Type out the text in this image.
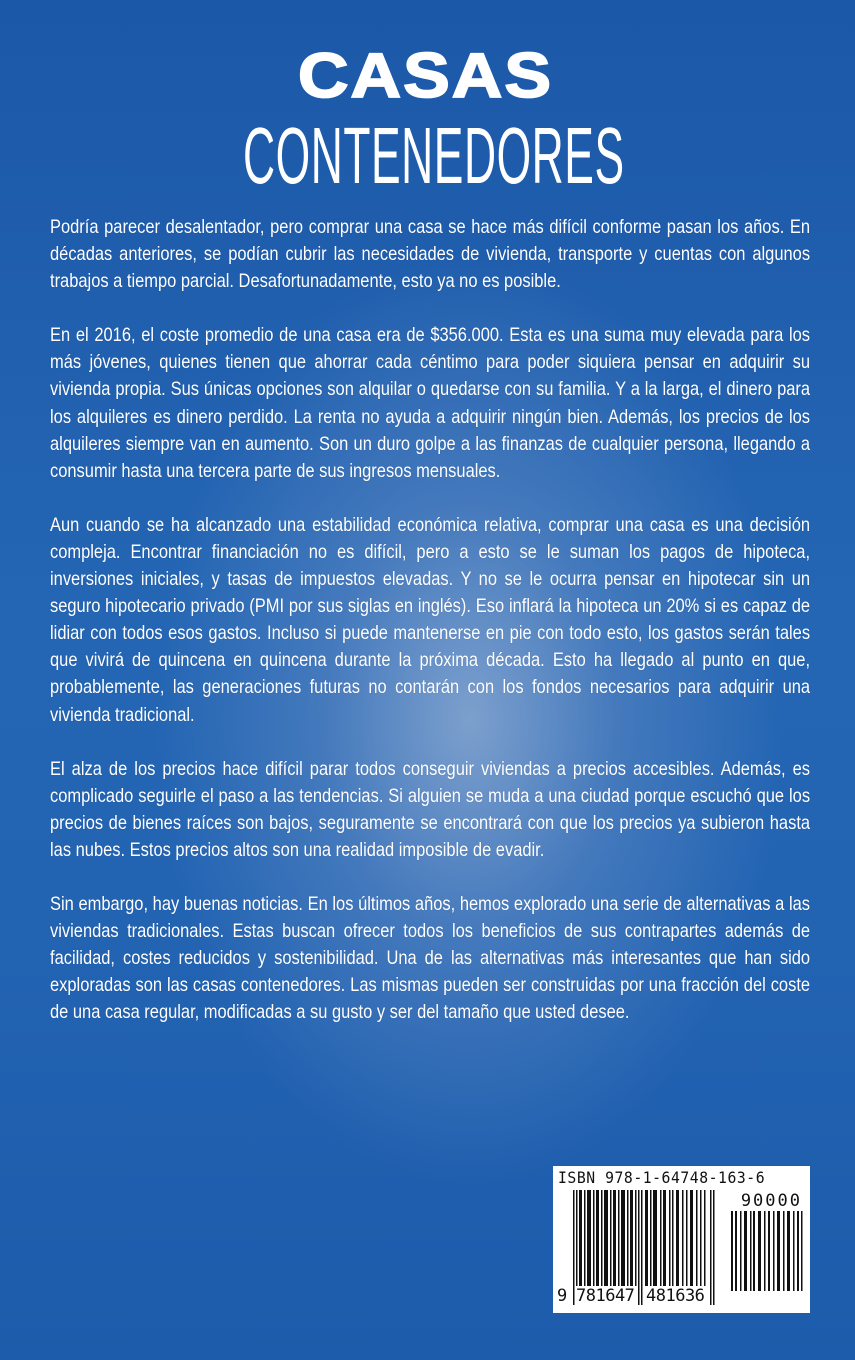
CASAS
CONTENEDORES

Podría parecer desalentador, pero comprar una casa se hace más difícil conforme pasan los años. En décadas anteriores, se podían cubrir las necesidades de vivienda, transporte y cuentas con algunos trabajos a tiempo parcial. Desafortunadamente, esto ya no es posible.

En el 2016, el coste promedio de una casa era de $356.000. Esta es una suma muy elevada para los más jóvenes, quienes tienen que ahorrar cada céntimo para poder siquiera pensar en adquirir su vivienda propia. Sus únicas opciones son alquilar o quedarse con su familia. Y a la larga, el dinero para los alquileres es dinero perdido. La renta no ayuda a adquirir ningún bien. Además, los precios de los alquileres siempre van en aumento. Son un duro golpe a las finanzas de cualquier persona, llegando a consumir hasta una tercera parte de sus ingresos mensuales.

Aun cuando se ha alcanzado una estabilidad económica relativa, comprar una casa es una decisión compleja. Encontrar financiación no es difícil, pero a esto se le suman los pagos de hipoteca, inversiones iniciales, y tasas de impuestos elevadas. Y no se le ocurra pensar en hipotecar sin un seguro hipotecario privado (PMI por sus siglas en inglés). Eso inflará la hipoteca un 20% si es capaz de lidiar con todos esos gastos. Incluso si puede mantenerse en pie con todo esto, los gastos serán tales que vivirá de quincena en quincena durante la próxima década. Esto ha llegado al punto en que, probablemente, las generaciones futuras no contarán con los fondos necesarios para adquirir una vivienda tradicional.

El alza de los precios hace difícil parar todos conseguir viviendas a precios accesibles. Además, es complicado seguirle el paso a las tendencias. Si alguien se muda a una ciudad porque escuchó que los precios de bienes raíces son bajos, seguramente se encontrará con que los precios ya subieron hasta las nubes. Estos precios altos son una realidad imposible de evadir.

Sin embargo, hay buenas noticias. En los últimos años, hemos explorado una serie de alternativas a las viviendas tradicionales. Estas buscan ofrecer todos los beneficios de sus contrapartes además de facilidad, costes reducidos y sostenibilidad. Una de las alternativas más interesantes que han sido exploradas son las casas contenedores. Las mismas pueden ser construidas por una fracción del coste de una casa regular, modificadas a su gusto y ser del tamaño que usted desee.

ISBN 978-1-64748-163-6
90000
9 781647 481636
